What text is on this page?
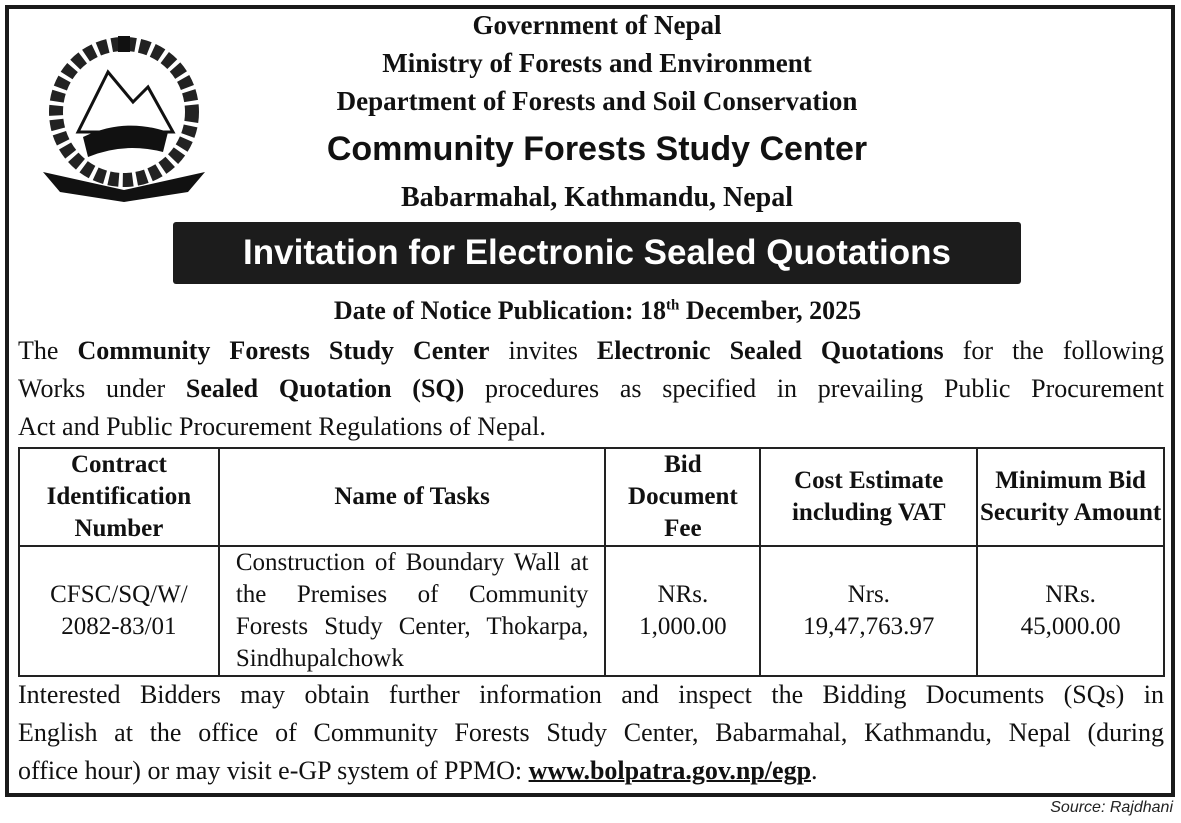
Government of Nepal
Ministry of Forests and Environment
Department of Forests and Soil Conservation
Community Forests Study Center
Babarmahal, Kathmandu, Nepal
Invitation for Electronic Sealed Quotations
Date of Notice Publication: 18th December, 2025
The Community Forests Study Center invites Electronic Sealed Quotations for the following
Works under Sealed Quotation (SQ) procedures as specified in prevailing Public Procurement
Act and Public Procurement Regulations of Nepal.
Contract Identification Number	Name of Tasks	Bid Document Fee	Cost Estimate including VAT	Minimum Bid Security Amount
CFSC/SQ/W/ 2082-83/01	Construction of Boundary Wall at the Premises of Community Forests Study Center, Thokarpa, Sindhupalchowk	NRs. 1,000.00	Nrs. 19,47,763.97	NRs. 45,000.00
Interested Bidders may obtain further information and inspect the Bidding Documents (SQs) in
English at the office of Community Forests Study Center, Babarmahal, Kathmandu, Nepal (during
office hour) or may visit e-GP system of PPMO: www.bolpatra.gov.np/egp.
Source: Rajdhani
